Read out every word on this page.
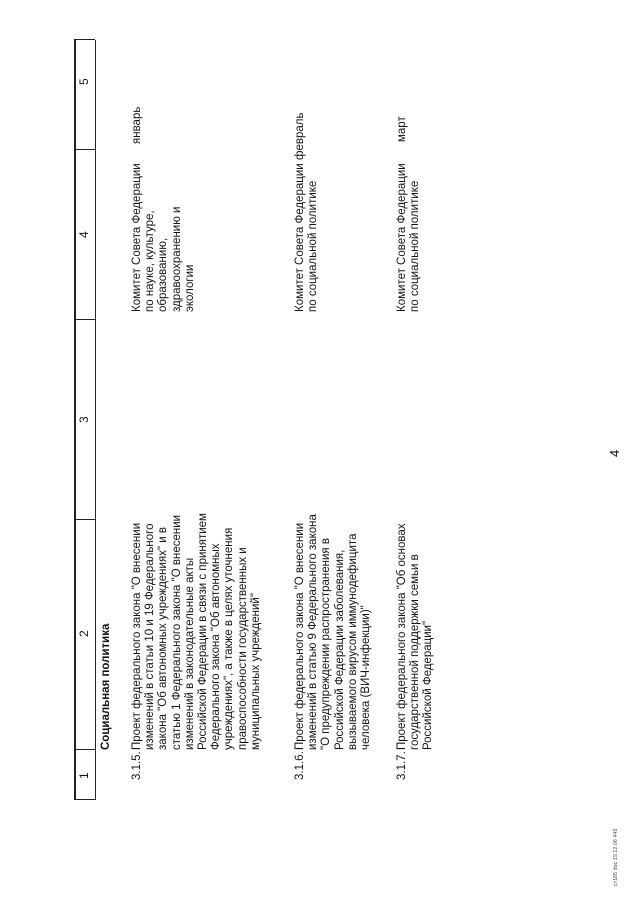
4
1
2
3
4
5
Социальная политика
3.1.5.
Проект федерального закона "О внесении изменений в статьи 10 и 19 Федерального закона "Об автономных учреждениях" и в статью 1 Федерального закона "О внесении изменений в законодательные акты Российской Федерации в связи с принятием Федерального закона "Об автономных учреждениях", а также в целях уточнения правоспособности государственных и муниципальных учреждений"
Комитет Совета Федерации по науке, культуре, образованию, здравоохранению и экологии
январь
3.1.6.
Проект федерального закона "О внесении изменений в статью 9 Федерального закона "О предупреждении распространения в Российской Федерации заболевания, вызываемого вирусом иммунодефицита человека (ВИЧ-инфекции)"
Комитет Совета Федерации по социальной политике
февраль
3.1.7.
Проект федерального закона "Об основах государственной поддержки семьи в Российской Федерации"
Комитет Совета Федерации по социальной политике
март
ст185 doc 19.12.06 445
